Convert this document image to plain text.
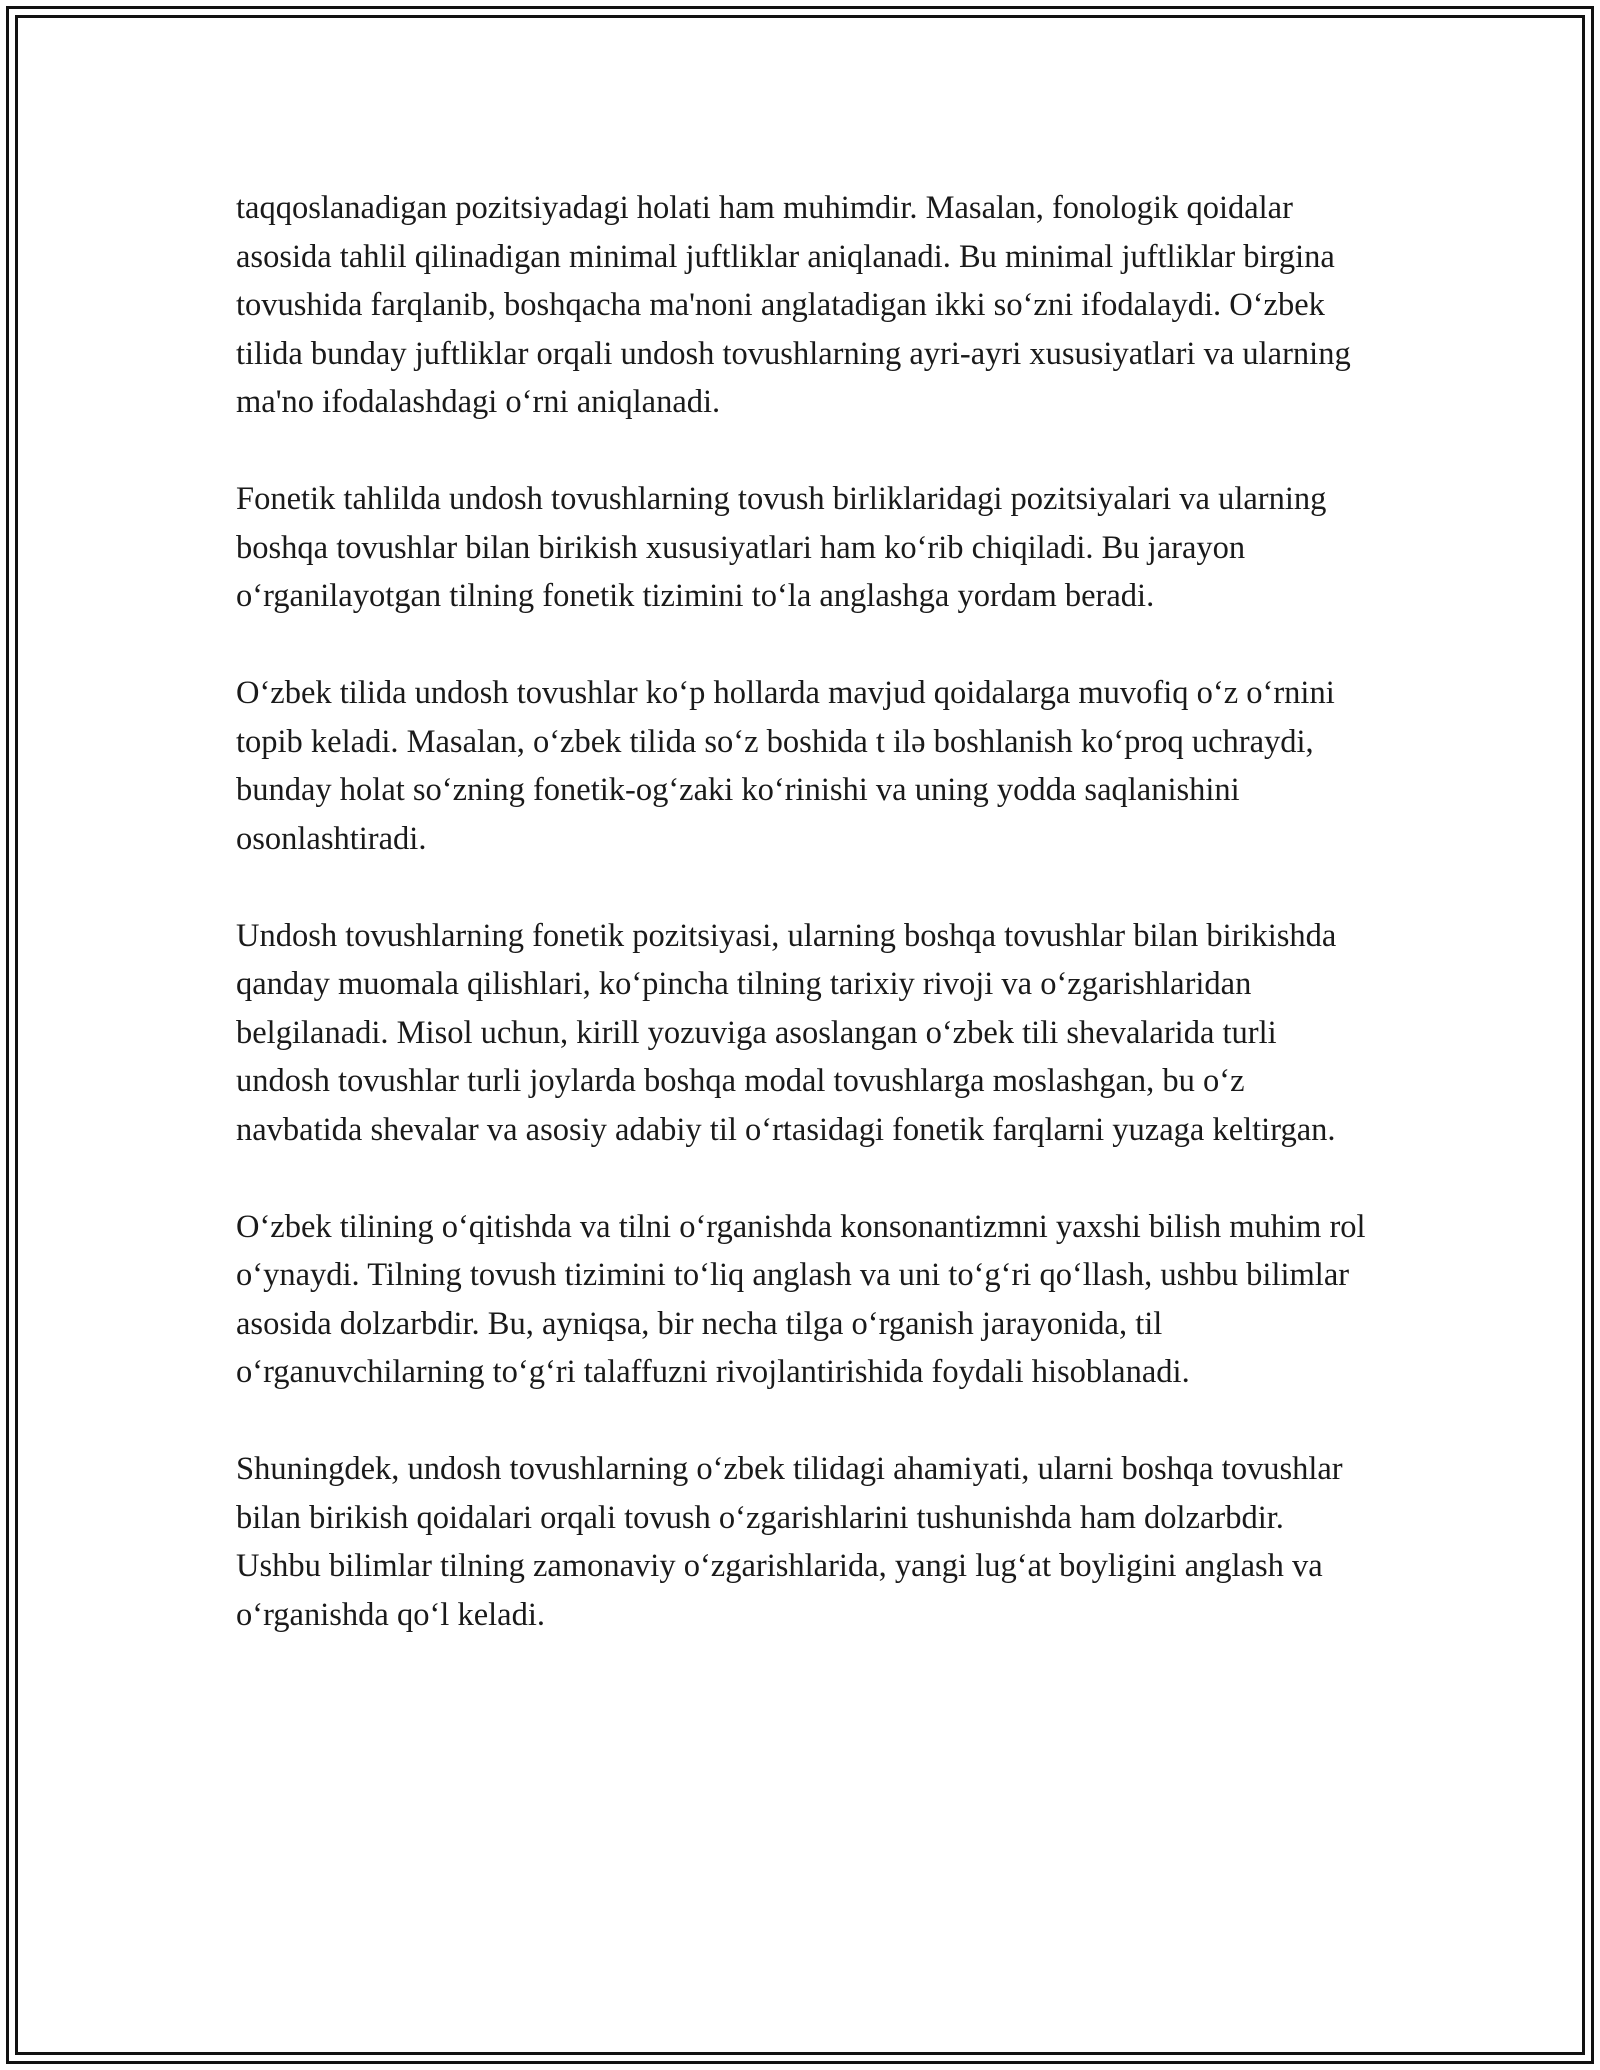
taqqoslanadigan pozitsiyadagi holati ham muhimdir. Masalan, fonologik qoidalar asosida tahlil qilinadigan minimal juftliklar aniqlanadi. Bu minimal juftliklar birgina tovushida farqlanib, boshqacha ma'noni anglatadigan ikki so‘zni ifodalaydi. O‘zbek tilida bunday juftliklar orqali undosh tovushlarning ayri-ayri xususiyatlari va ularning ma'no ifodalashdagi o‘rni aniqlanadi.

Fonetik tahlilda undosh tovushlarning tovush birliklaridagi pozitsiyalari va ularning boshqa tovushlar bilan birikish xususiyatlari ham ko‘rib chiqiladi. Bu jarayon o‘rganilayotgan tilning fonetik tizimini to‘la anglashga yordam beradi.

O‘zbek tilida undosh tovushlar ko‘p hollarda mavjud qoidalarga muvofiq o‘z o‘rnini topib keladi. Masalan, o‘zbek tilida so‘z boshida t ilə boshlanish ko‘proq uchraydi, bunday holat so‘zning fonetik-og‘zaki ko‘rinishi va uning yodda saqlanishini osonlashtiradi.

Undosh tovushlarning fonetik pozitsiyasi, ularning boshqa tovushlar bilan birikishda qanday muomala qilishlari, ko‘pincha tilning tarixiy rivoji va o‘zgarishlaridan belgilanadi. Misol uchun, kirill yozuviga asoslangan o‘zbek tili shevalarida turli undosh tovushlar turli joylarda boshqa modal tovushlarga moslashgan, bu o‘z navbatida shevalar va asosiy adabiy til o‘rtasidagi fonetik farqlarni yuzaga keltirgan.

O‘zbek tilining o‘qitishda va tilni o‘rganishda konsonantizmni yaxshi bilish muhim rol o‘ynaydi. Tilning tovush tizimini to‘liq anglash va uni to‘g‘ri qo‘llash, ushbu bilimlar asosida dolzarbdir. Bu, ayniqsa, bir necha tilga o‘rganish jarayonida, til o‘rganuvchilarning to‘g‘ri talaffuzni rivojlantirishida foydali hisoblanadi.

Shuningdek, undosh tovushlarning o‘zbek tilidagi ahamiyati, ularni boshqa tovushlar bilan birikish qoidalari orqali tovush o‘zgarishlarini tushunishda ham dolzarbdir. Ushbu bilimlar tilning zamonaviy o‘zgarishlarida, yangi lug‘at boyligini anglash va o‘rganishda qo‘l keladi.
